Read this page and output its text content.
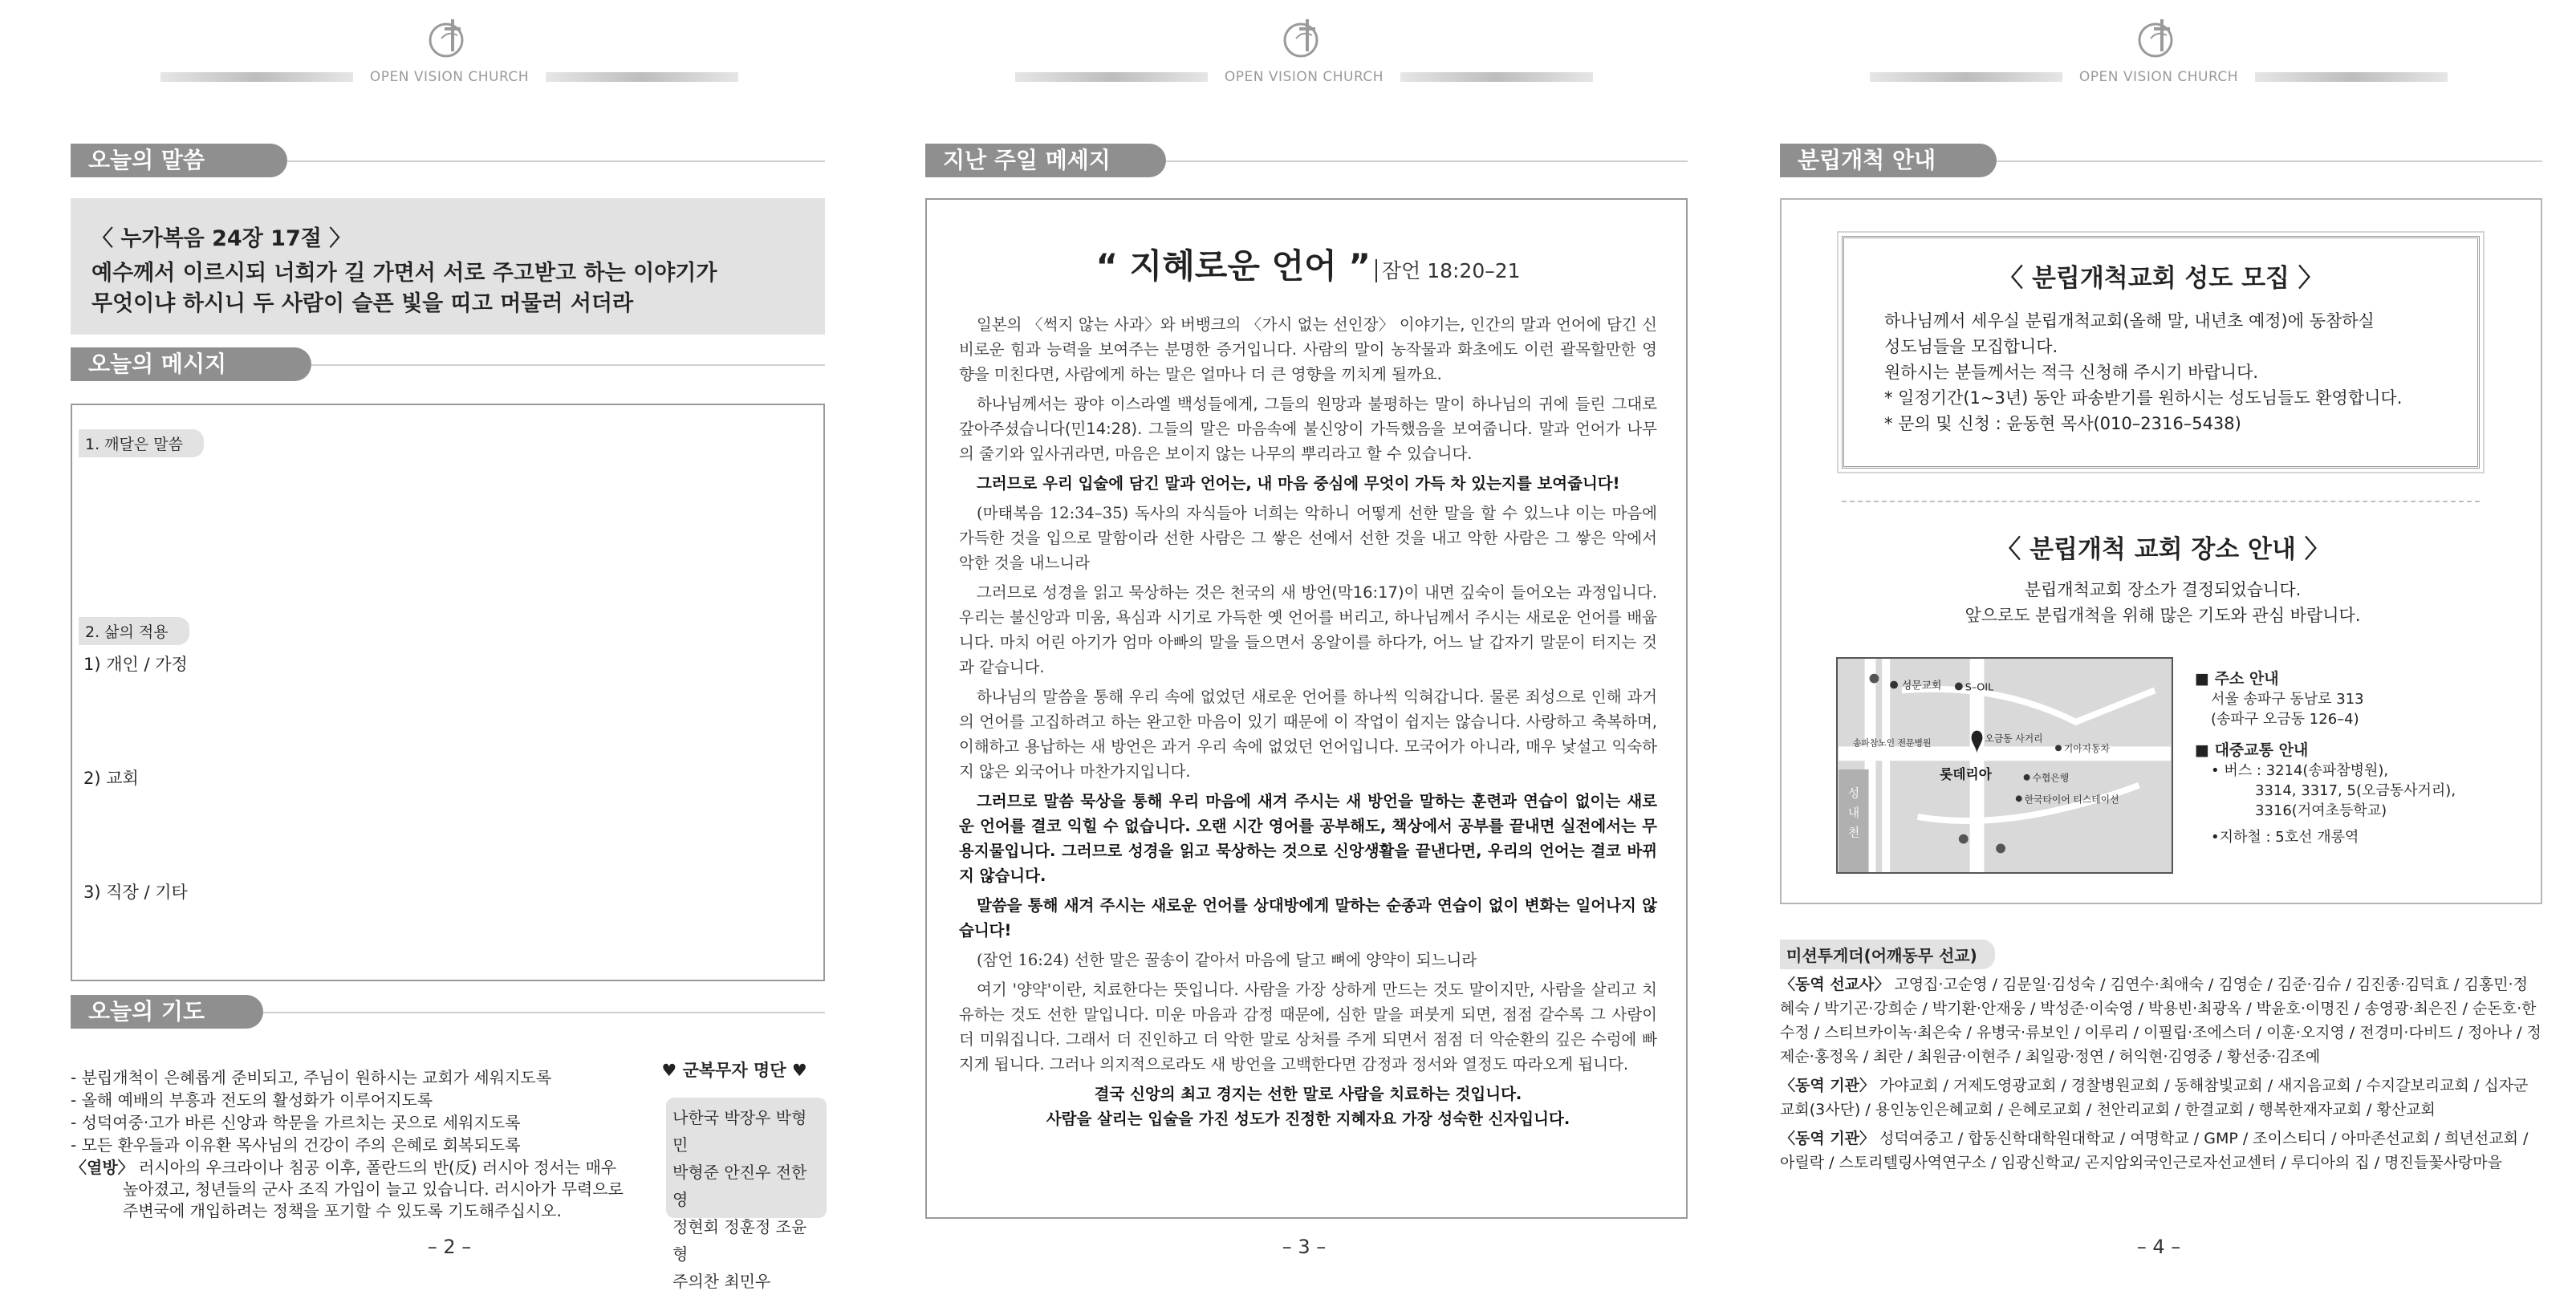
OPEN VISION CHURCH
오늘의 말씀
〈 누가복음 24장 17절 〉
예수께서 이르시되 너희가 길 가면서 서로 주고받고 하는 이야기가
무엇이냐 하시니 두 사람이 슬픈 빛을 띠고 머물러 서더라
오늘의 메시지
1. 깨달은 말씀
2. 삶의 적용
1) 개인 / 가정
2) 교회
3) 직장 / 기타
오늘의 기도

- 분립개척이 은혜롭게 준비되고, 주님이 원하시는 교회가 세워지도록

- 올해 예배의 부흥과 전도의 활성화가 이루어지도록

- 성덕여중·고가 바른 신앙과 학문을 가르치는 곳으로 세워지도록

- 모든 환우들과 이유환 목사님의 건강이 주의 은혜로 회복되도록

〈열방〉 러시아의 우크라이나 침공 이후, 폴란드의 반(反) 러시아 정서는 매우 높아졌고, 청년들의 군사 조직 가입이 늘고 있습니다. 러시아가 무력으로 주변국에 개입하려는 정책을 포기할 수 있도록 기도해주십시오.

♥ 군복무자 명단 ♥
나한국 박장우 박형민
박형준 안진우 전한영
정현회 정훈정 조윤형
주의찬 최민우
– 2 –
OPEN VISION CHURCH
지난 주일 메세지
“ 지혜로운 언어 ” 잠언 18:20–21

일본의 〈썩지 않는 사과〉와 버뱅크의 〈가시 없는 선인장〉 이야기는, 인간의 말과 언어에 담긴 신비로운 힘과 능력을 보여주는 분명한 증거입니다. 사람의 말이 농작물과 화초에도 이런 괄목할만한 영향을 미친다면, 사람에게 하는 말은 얼마나 더 큰 영향을 끼치게 될까요.

하나님께서는 광야 이스라엘 백성들에게, 그들의 원망과 불평하는 말이 하나님의 귀에 들린 그대로 갚아주셨습니다(민14:28). 그들의 말은 마음속에 불신앙이 가득했음을 보여줍니다. 말과 언어가 나무의 줄기와 잎사귀라면, 마음은 보이지 않는 나무의 뿌리라고 할 수 있습니다.

그러므로 우리 입술에 담긴 말과 언어는, 내 마음 중심에 무엇이 가득 차 있는지를 보여줍니다!

(마태복음 12:34–35) 독사의 자식들아 너희는 악하니 어떻게 선한 말을 할 수 있느냐 이는 마음에 가득한 것을 입으로 말함이라 선한 사람은 그 쌓은 선에서 선한 것을 내고 악한 사람은 그 쌓은 악에서 악한 것을 내느니라

그러므로 성경을 읽고 묵상하는 것은 천국의 새 방언(막16:17)이 내면 깊숙이 들어오는 과정입니다. 우리는 불신앙과 미움, 욕심과 시기로 가득한 옛 언어를 버리고, 하나님께서 주시는 새로운 언어를 배웁니다. 마치 어린 아기가 엄마 아빠의 말을 들으면서 옹알이를 하다가, 어느 날 갑자기 말문이 터지는 것과 같습니다.

하나님의 말씀을 통해 우리 속에 없었던 새로운 언어를 하나씩 익혀갑니다. 물론 죄성으로 인해 과거의 언어를 고집하려고 하는 완고한 마음이 있기 때문에 이 작업이 쉽지는 않습니다. 사랑하고 축복하며, 이해하고 용납하는 새 방언은 과거 우리 속에 없었던 언어입니다. 모국어가 아니라, 매우 낯설고 익숙하지 않은 외국어나 마찬가지입니다.

그러므로 말씀 묵상을 통해 우리 마음에 새겨 주시는 새 방언을 말하는 훈련과 연습이 없이는 새로운 언어를 결코 익힐 수 없습니다. 오랜 시간 영어를 공부해도, 책상에서 공부를 끝내면 실전에서는 무용지물입니다. 그러므로 성경을 읽고 묵상하는 것으로 신앙생활을 끝낸다면, 우리의 언어는 결코 바뀌지 않습니다.

말씀을 통해 새겨 주시는 새로운 언어를 상대방에게 말하는 순종과 연습이 없이 변화는 일어나지 않습니다!

(잠언 16:24) 선한 말은 꿀송이 같아서 마음에 달고 뼈에 양약이 되느니라

여기 '양약'이란, 치료한다는 뜻입니다. 사람을 가장 상하게 만드는 것도 말이지만, 사람을 살리고 치유하는 것도 선한 말입니다. 미운 마음과 감정 때문에, 심한 말을 퍼붓게 되면, 점점 갈수록 그 사람이 더 미워집니다. 그래서 더 진인하고 더 악한 말로 상처를 주게 되면서 점점 더 악순환의 깊은 수렁에 빠지게 됩니다. 그러나 의지적으로라도 새 방언을 고백한다면 감정과 정서와 열정도 따라오게 됩니다.

결국 신앙의 최고 경지는 선한 말로 사람을 치료하는 것입니다.

사람을 살리는 입술을 가진 성도가 진정한 지혜자요 가장 성숙한 신자입니다.

– 3 –
OPEN VISION CHURCH
분립개척 안내
〈 분립개척교회 성도 모집 〉
하나님께서 세우실 분립개척교회(올해 말, 내년초 예정)에 동참하실
성도님들을 모집합니다.
원하시는 분들께서는 적극 신청해 주시기 바랍니다.
* 일정기간(1~3년) 동안 파송받기를 원하시는 성도님들도 환영합니다.
* 문의 및 신청 : 윤동현 목사(010–2316–5438)
〈 분립개척 교회 장소 안내 〉
분립개척교회 장소가 결정되었습니다.
앞으로도 분립개척을 위해 많은 기도와 관심 바랍니다.
성
내
천
성문교회 S–OIL
송파참노인 전문병원	오금동 사거리
기아자동차
롯데리아	수협은행
한국타이어 티스테이션
■ 주소 안내
서울 송파구 동남로 313
(송파구 오금동 126–4)
■ 대중교통 안내
• 버스 : 3214(송파참병원),
3314, 3317, 5(오금동사거리),
3316(거여초등학교)
•지하철 : 5호선 개롱역
미션투게더(어깨동무 선교)

〈동역 선교사〉 고영집·고순영 / 김문일·김성숙 / 김연수·최애숙 / 김영순 / 김준·김슈 / 김진종·김덕효 / 김홍민·정혜숙 / 박기곤·강희순 / 박기환·안재웅 / 박성준·이숙영 / 박용빈·최광옥 / 박윤호·이명진 / 송영광·최은진 / 순돈호·한수정 / 스티브카이녹·최은숙 / 유병국·류보인 / 이루리 / 이필립·조에스더 / 이훈·오지영 / 전경미·다비드 / 정아나 / 정제순·홍정옥 / 최란 / 최원금·이현주 / 최일광·정연 / 허익현·김영중 / 황선중·김조예

〈동역 기관〉 가야교회 / 거제도영광교회 / 경찰병원교회 / 동해참빛교회 / 새지음교회 / 수지갈보리교회 / 십자군교회(3사단) / 용인농인은혜교회 / 은혜로교회 / 천안리교회 / 한결교회 / 행복한재자교회 / 황산교회

〈동역 기관〉 성덕여중고 / 합동신학대학원대학교 / 여명학교 / GMP / 조이스티디 / 아마존선교회 / 희년선교회 / 아릴락 / 스토리텔링사역연구소 / 임광신학교/ 곤지암외국인근로자선교센터 / 루디아의 집 / 명진들꽃사랑마을

– 4 –
